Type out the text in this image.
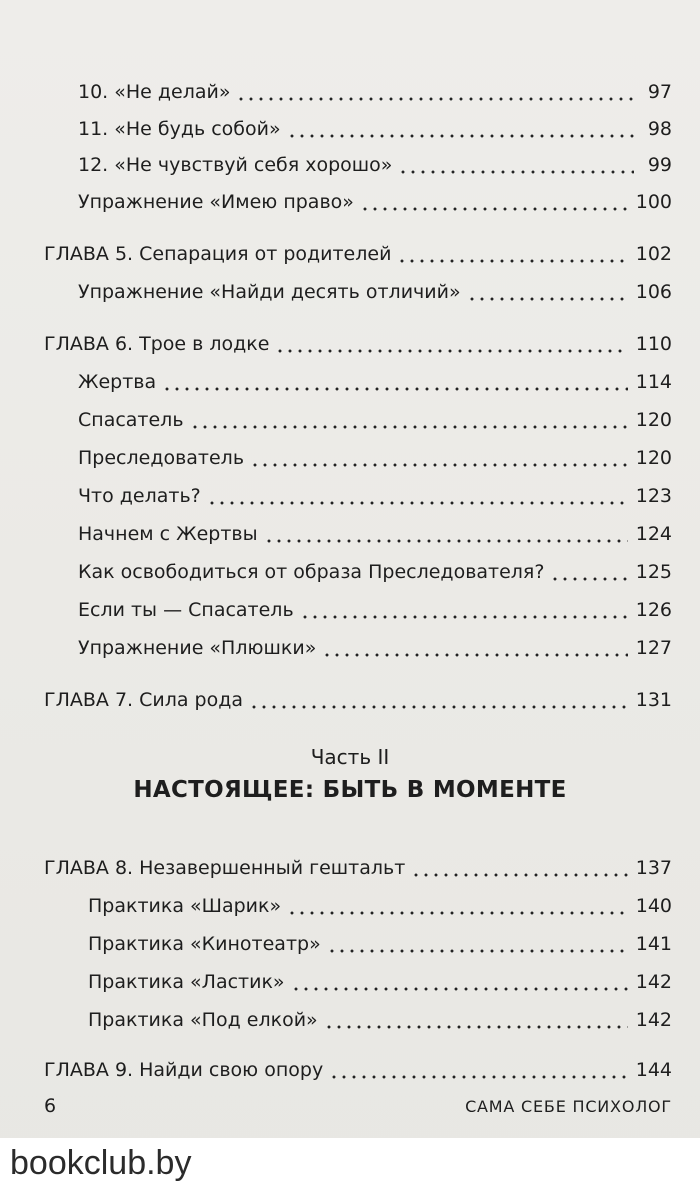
10. «Не делай»	97
11. «Не будь собой»	98
12. «Не чувствуй себя хорошо»	99
Упражнение «Имею право»	100
ГЛАВА 5. Сепарация от родителей	102
Упражнение «Найди десять отличий»	106
ГЛАВА 6. Трое в лодке	110
Жертва	114
Спасатель	120
Преследователь	120
Что делать?	123
Начнем с Жертвы	124
Как освободиться от образа Преследователя?	125
Если ты — Спасатель	126
Упражнение «Плюшки»	127
ГЛАВА 7. Сила рода	131
ГЛАВА 8. Незавершенный гештальт	137
Практика «Шарик»	140
Практика «Кинотеатр»	141
Практика «Ластик»	142
Практика «Под елкой»	142
ГЛАВА 9. Найди свою опору	144
Часть II
НАСТОЯЩЕЕ: БЫТЬ В МОМЕНТЕ
6	САМА СЕБЕ ПСИХОЛОГ
bookclub.by
